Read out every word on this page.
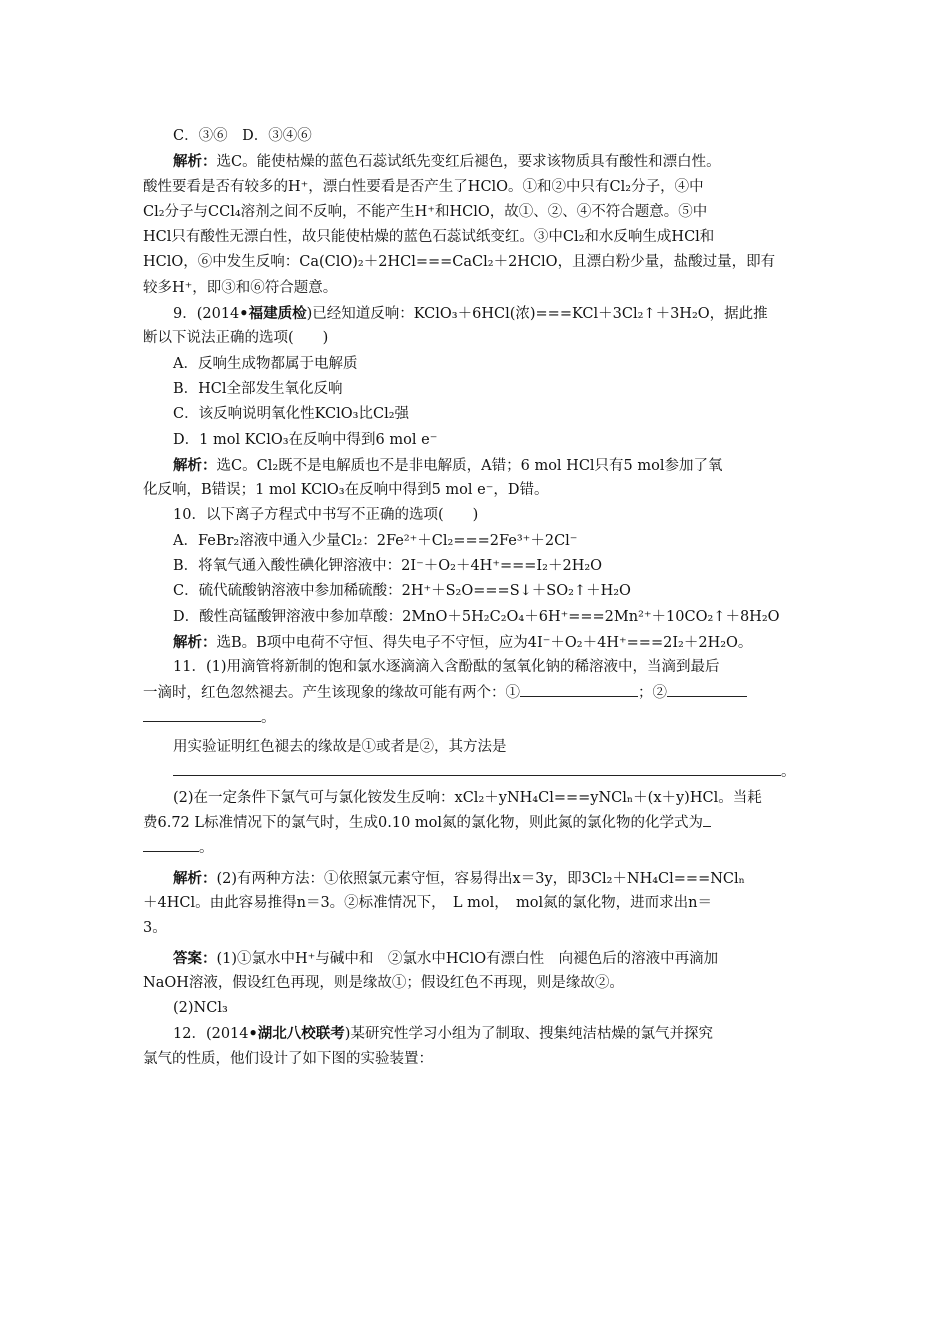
C．③⑥　D．③④⑥
解析：选C。能使枯燥的蓝色石蕊试纸先变红后褪色，要求该物质具有酸性和漂白性。
酸性要看是否有较多的H⁺，漂白性要看是否产生了HClO。①和②中只有Cl₂分子，④中
Cl₂分子与CCl₄溶剂之间不反响，不能产生H⁺和HClO，故①、②、④不符合题意。⑤中
HCl只有酸性无漂白性，故只能使枯燥的蓝色石蕊试纸变红。③中Cl₂和水反响生成HCl和
HClO，⑥中发生反响：Ca(ClO)₂＋2HCl===CaCl₂＋2HClO，且漂白粉少量，盐酸过量，即有
较多H⁺，即③和⑥符合题意。
9．(2014•福建质检)已经知道反响：KClO₃＋6HCl(浓)===KCl＋3Cl₂↑＋3H₂O，据此推
断以下说法正确的选项(　　)
A．反响生成物都属于电解质
B．HCl全部发生氧化反响
C．该反响说明氧化性KClO₃比Cl₂强
D．1 mol KClO₃在反响中得到6 mol e⁻
解析：选C。Cl₂既不是电解质也不是非电解质，A错；6 mol HCl只有5 mol参加了氧
化反响，B错误；1 mol KClO₃在反响中得到5 mol e⁻，D错。
10．以下离子方程式中书写不正确的选项(　　)
A．FeBr₂溶液中通入少量Cl₂：2Fe²⁺＋Cl₂===2Fe³⁺＋2Cl⁻
B．将氧气通入酸性碘化钾溶液中：2I⁻＋O₂＋4H⁺===I₂＋2H₂O
C．硫代硫酸钠溶液中参加稀硫酸：2H⁺＋S₂O===S↓＋SO₂↑＋H₂O
D．酸性高锰酸钾溶液中参加草酸：2MnO＋5H₂C₂O₄＋6H⁺===2Mn²⁺＋10CO₂↑＋8H₂O
解析：选B。B项中电荷不守恒、得失电子不守恒，应为4I⁻＋O₂＋4H⁺===2I₂＋2H₂O。
11．(1)用滴管将新制的饱和氯水逐滴滴入含酚酞的氢氧化钠的稀溶液中，当滴到最后
一滴时，红色忽然褪去。产生该现象的缘故可能有两个：①	；②
。
用实验证明红色褪去的缘故是①或者是②，其方法是
。
(2)在一定条件下氯气可与氯化铵发生反响：xCl₂＋yNH₄Cl===yNClₙ＋(x＋y)HCl。当耗
费6.72 L标准情况下的氯气时，生成0.10 mol氮的氯化物，则此氮的氯化物的化学式为
。
解析：(2)有两种方法：①依照氯元素守恒，容易得出x＝3y，即3Cl₂＋NH₄Cl===NClₙ
＋4HCl。由此容易推得n＝3。②标准情况下，　L mol，　mol氮的氯化物，进而求出n＝
3。
答案：(1)①氯水中H⁺与碱中和　②氯水中HClO有漂白性　向褪色后的溶液中再滴加
NaOH溶液，假设红色再现，则是缘故①；假设红色不再现，则是缘故②。
(2)NCl₃
12．(2014•湖北八校联考)某研究性学习小组为了制取、搜集纯洁枯燥的氯气并探究
氯气的性质，他们设计了如下图的实验装置：
